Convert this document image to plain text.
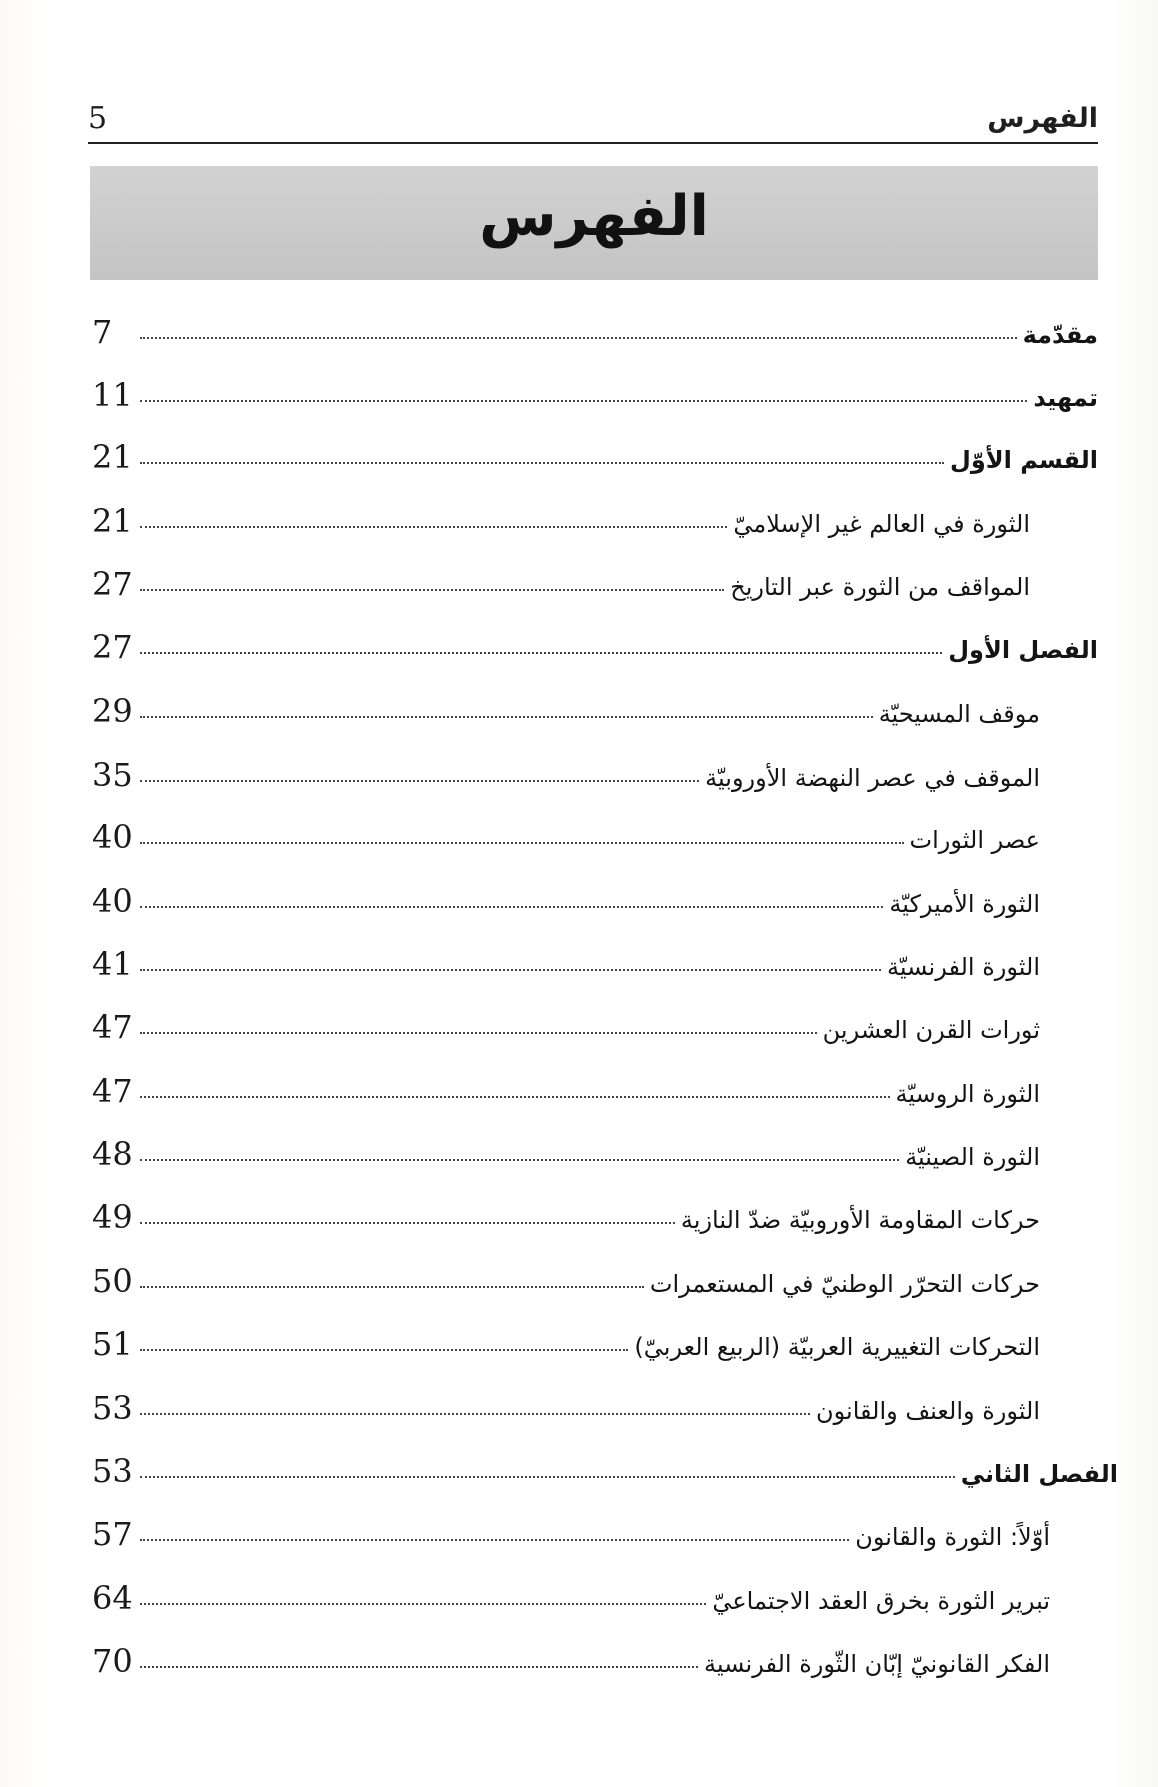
5	الفهرس
الفهرس
مقدّمة
7
تمهيد
11
القسم الأوّل
21
الثورة في العالم غير الإسلاميّ
21
المواقف من الثورة عبر التاريخ
27
الفصل الأول
27
موقف المسيحيّة
29
الموقف في عصر النهضة الأوروبيّة
35
عصر الثورات
40
الثورة الأميركيّة
40
الثورة الفرنسيّة
41
ثورات القرن العشرين
47
الثورة الروسيّة
47
الثورة الصينيّة
48
حركات المقاومة الأوروبيّة ضدّ النازية
49
حركات التحرّر الوطنيّ في المستعمرات
50
التحركات التغييرية العربيّة (الربيع العربيّ)
51
الثورة والعنف والقانون
53
الفصل الثاني
53
أوّلاً: الثورة والقانون
57
تبرير الثورة بخرق العقد الاجتماعيّ
64
الفكر القانونيّ إبّان الثّورة الفرنسية
70
